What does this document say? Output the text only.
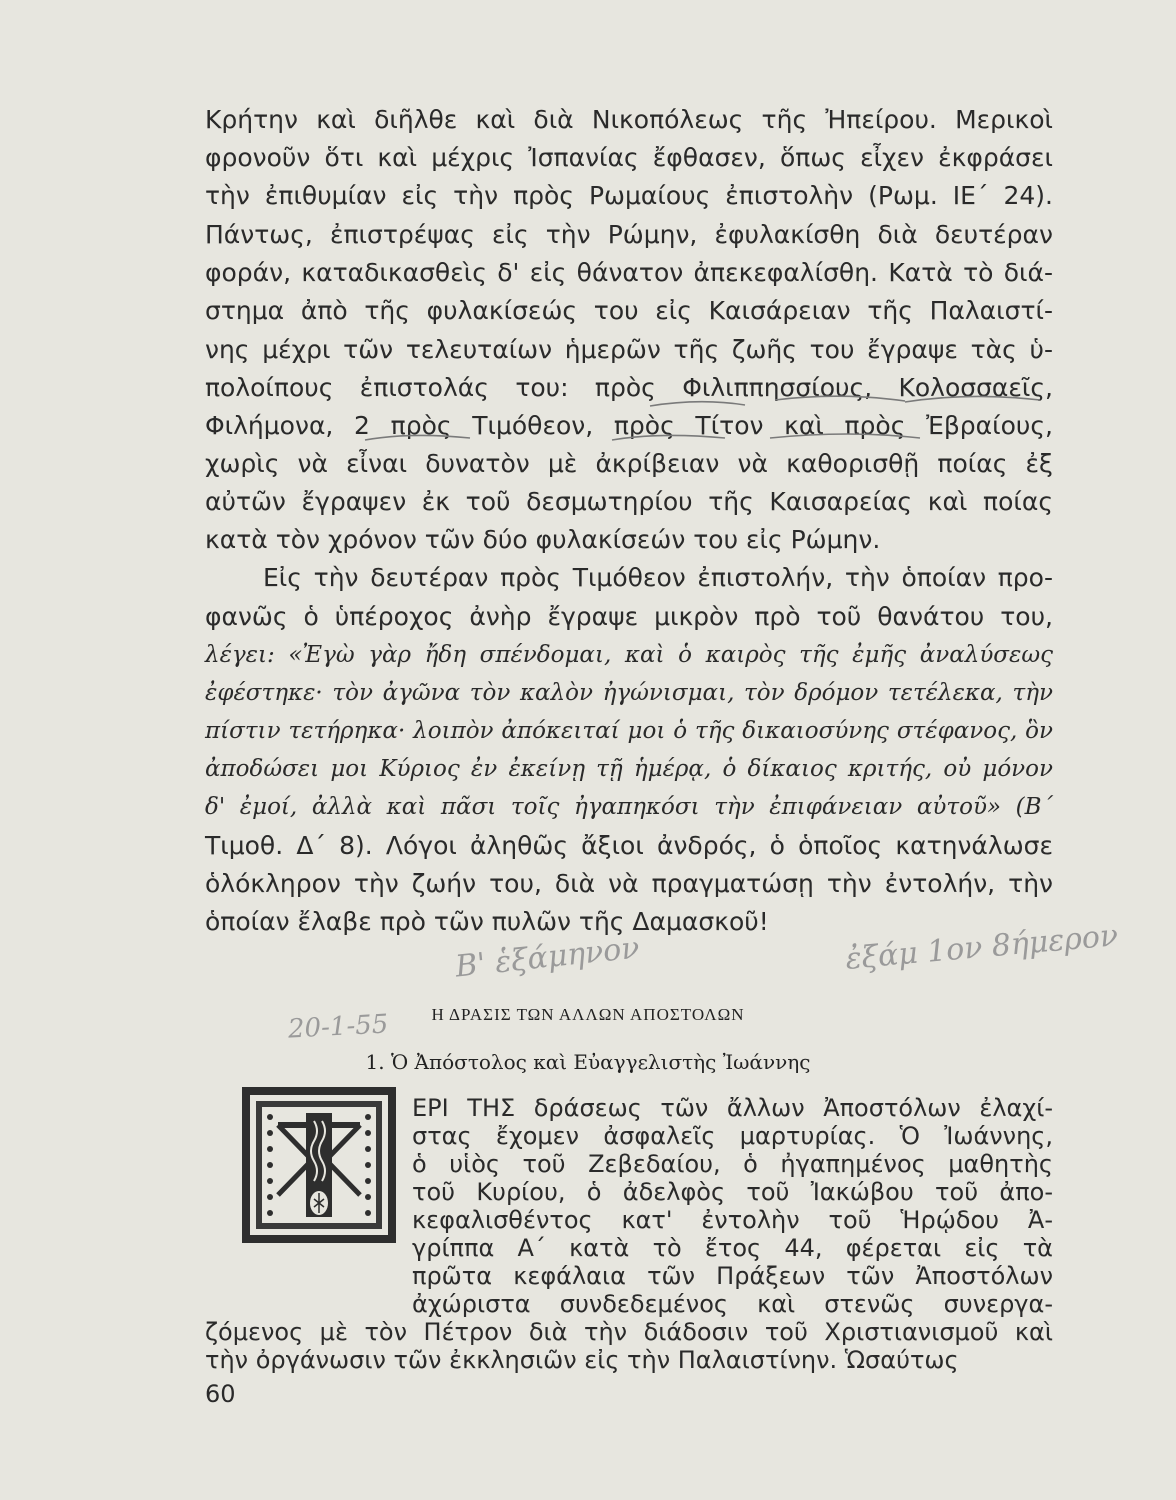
Κρήτην καὶ διῆλθε καὶ διὰ Νικοπόλεως τῆς Ἠπείρου. Μερικοὶ
φρονοῦν ὅτι καὶ μέχρις Ἰσπανίας ἔφθασεν, ὅπως εἶχεν ἐκφράσει
τὴν ἐπιθυμίαν εἰς τὴν πρὸς Ρωμαίους ἐπιστολὴν (Ρωμ. ΙΕ΄ 24).
Πάντως, ἐπιστρέψας εἰς τὴν Ρώμην, ἐφυλακίσθη διὰ δευτέραν
φοράν, καταδικασθεὶς δ' εἰς θάνατον ἀπεκεφαλίσθη. Κατὰ τὸ διά-
στημα ἀπὸ τῆς φυλακίσεώς του εἰς Καισάρειαν τῆς Παλαιστί-
νης μέχρι τῶν τελευταίων ἡμερῶν τῆς ζωῆς του ἔγραψε τὰς ὑ-
πολοίπους ἐπιστολάς του: πρὸς Φιλιππησσίους, Κολοσσαεῖς,
Φιλήμονα, 2 πρὸς Τιμόθεον, πρὸς Τίτον καὶ πρὸς Ἐβραίους,
χωρὶς νὰ εἶναι δυνατὸν μὲ ἀκρίβειαν νὰ καθορισθῇ ποίας ἐξ
αὐτῶν ἔγραψεν ἐκ τοῦ δεσμωτηρίου τῆς Καισαρείας καὶ ποίας
κατὰ τὸν χρόνον τῶν δύο φυλακίσεών του εἰς Ρώμην.
Εἰς τὴν δευτέραν πρὸς Τιμόθεον ἐπιστολήν, τὴν ὁποίαν προ-
φανῶς ὁ ὑπέροχος ἀνὴρ ἔγραψε μικρὸν πρὸ τοῦ θανάτου του,
λέγει: «Ἐγὼ γὰρ ἤδη σπένδομαι, καὶ ὁ καιρὸς τῆς ἐμῆς ἀναλύσεως
ἐφέστηκε· τὸν ἀγῶνα τὸν καλὸν ἠγώνισμαι, τὸν δρόμον τετέλεκα, τὴν
πίστιν τετήρηκα· λοιπὸν ἀπόκειταί μοι ὁ τῆς δικαιοσύνης στέφανος, ὃν
ἀποδώσει μοι Κύριος ἐν ἐκείνῃ τῇ ἡμέρᾳ, ὁ δίκαιος κριτής, οὐ μόνον
δ' ἐμοί, ἀλλὰ καὶ πᾶσι τοῖς ἠγαπηκόσι τὴν ἐπιφάνειαν αὐτοῦ» (Β΄
Τιμοθ. Δ΄ 8). Λόγοι ἀληθῶς ἄξιοι ἀνδρός, ὁ ὁποῖος κατηνάλωσε
ὁλόκληρον τὴν ζωήν του, διὰ νὰ πραγματώσῃ τὴν ἐντολήν, τὴν
ὁποίαν ἔλαβε πρὸ τῶν πυλῶν τῆς Δαμασκοῦ!
Β' ἑξάμηνον	ἐξάμ 1ον 8ήμερον
20-1-55	Η ΔΡΑΣΙΣ ΤΩΝ ΑΛΛΩΝ ΑΠΟΣΤΟΛΩΝ
1. Ὁ Ἀπόστολος καὶ Εὐαγγελιστὴς Ἰωάννης
ΕΡΙ ΤΗΣ δράσεως τῶν ἄλλων Ἀποστόλων ἐλαχί-
στας ἔχομεν ἀσφαλεῖς μαρτυρίας. Ὁ Ἰωάννης,
ὁ υἱὸς τοῦ Ζεβεδαίου, ὁ ἠγαπημένος μαθητὴς
τοῦ Κυρίου, ὁ ἀδελφὸς τοῦ Ἰακώβου τοῦ ἀπο-
κεφαλισθέντος κατ' ἐντολὴν τοῦ Ἡρῴδου Ἀ-
γρίππα Α΄ κατὰ τὸ ἔτος 44, φέρεται εἰς τὰ
πρῶτα κεφάλαια τῶν Πράξεων τῶν Ἀποστόλων
60
ἀχώριστα συνδεδεμένος καὶ στενῶς συνεργα-
ζόμενος μὲ τὸν Πέτρον διὰ τὴν διάδοσιν τοῦ Χριστιανισμοῦ καὶ
τὴν ὀργάνωσιν τῶν ἐκκλησιῶν εἰς τὴν Παλαιστίνην. Ὡσαύτως
